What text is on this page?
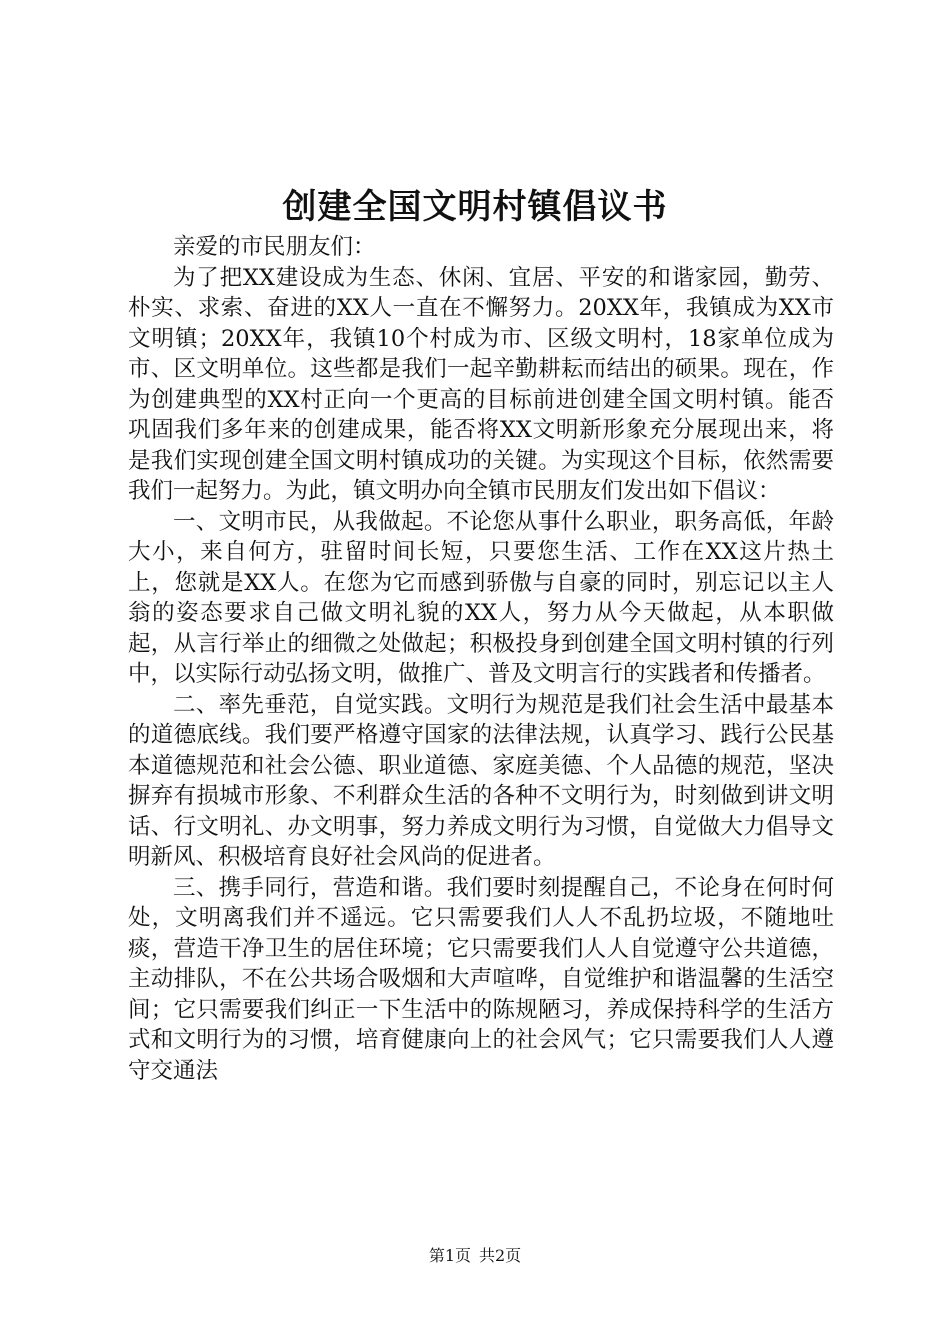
创建全国文明村镇倡议书

亲爱的市民朋友们：

为了把XX建设成为生态、休闲、宜居、平安的和谐家园，勤劳、朴实、求索、奋进的XX人一直在不懈努力。20XX年，我镇成为XX市文明镇；20XX年，我镇10个村成为市、区级文明村，18家单位成为市、区文明单位。这些都是我们一起辛勤耕耘而结出的硕果。现在，作为创建典型的XX村正向一个更高的目标前进创建全国文明村镇。能否巩固我们多年来的创建成果，能否将XX文明新形象充分展现出来，将是我们实现创建全国文明村镇成功的关键。为实现这个目标，依然需要我们一起努力。为此，镇文明办向全镇市民朋友们发出如下倡议：

一、文明市民，从我做起。不论您从事什么职业，职务高低，年龄大小，来自何方，驻留时间长短，只要您生活、工作在XX这片热土上，您就是XX人。在您为它而感到骄傲与自豪的同时，别忘记以主人翁的姿态要求自己做文明礼貌的XX人，努力从今天做起，从本职做起，从言行举止的细微之处做起；积极投身到创建全国文明村镇的行列中，以实际行动弘扬文明，做推广、普及文明言行的实践者和传播者。

二、率先垂范，自觉实践。文明行为规范是我们社会生活中最基本的道德底线。我们要严格遵守国家的法律法规，认真学习、践行公民基本道德规范和社会公德、职业道德、家庭美德、个人品德的规范，坚决摒弃有损城市形象、不利群众生活的各种不文明行为，时刻做到讲文明话、行文明礼、办文明事，努力养成文明行为习惯，自觉做大力倡导文明新风、积极培育良好社会风尚的促进者。

三、携手同行，营造和谐。我们要时刻提醒自己，不论身在何时何处，文明离我们并不遥远。它只需要我们人人不乱扔垃圾，不随地吐痰，营造干净卫生的居住环境；它只需要我们人人自觉遵守公共道德，主动排队，不在公共场合吸烟和大声喧哗，自觉维护和谐温馨的生活空间；它只需要我们纠正一下生活中的陈规陋习，养成保持科学的生活方式和文明行为的习惯，培育健康向上的社会风气；它只需要我们人人遵守交通法

第1页 共2页
